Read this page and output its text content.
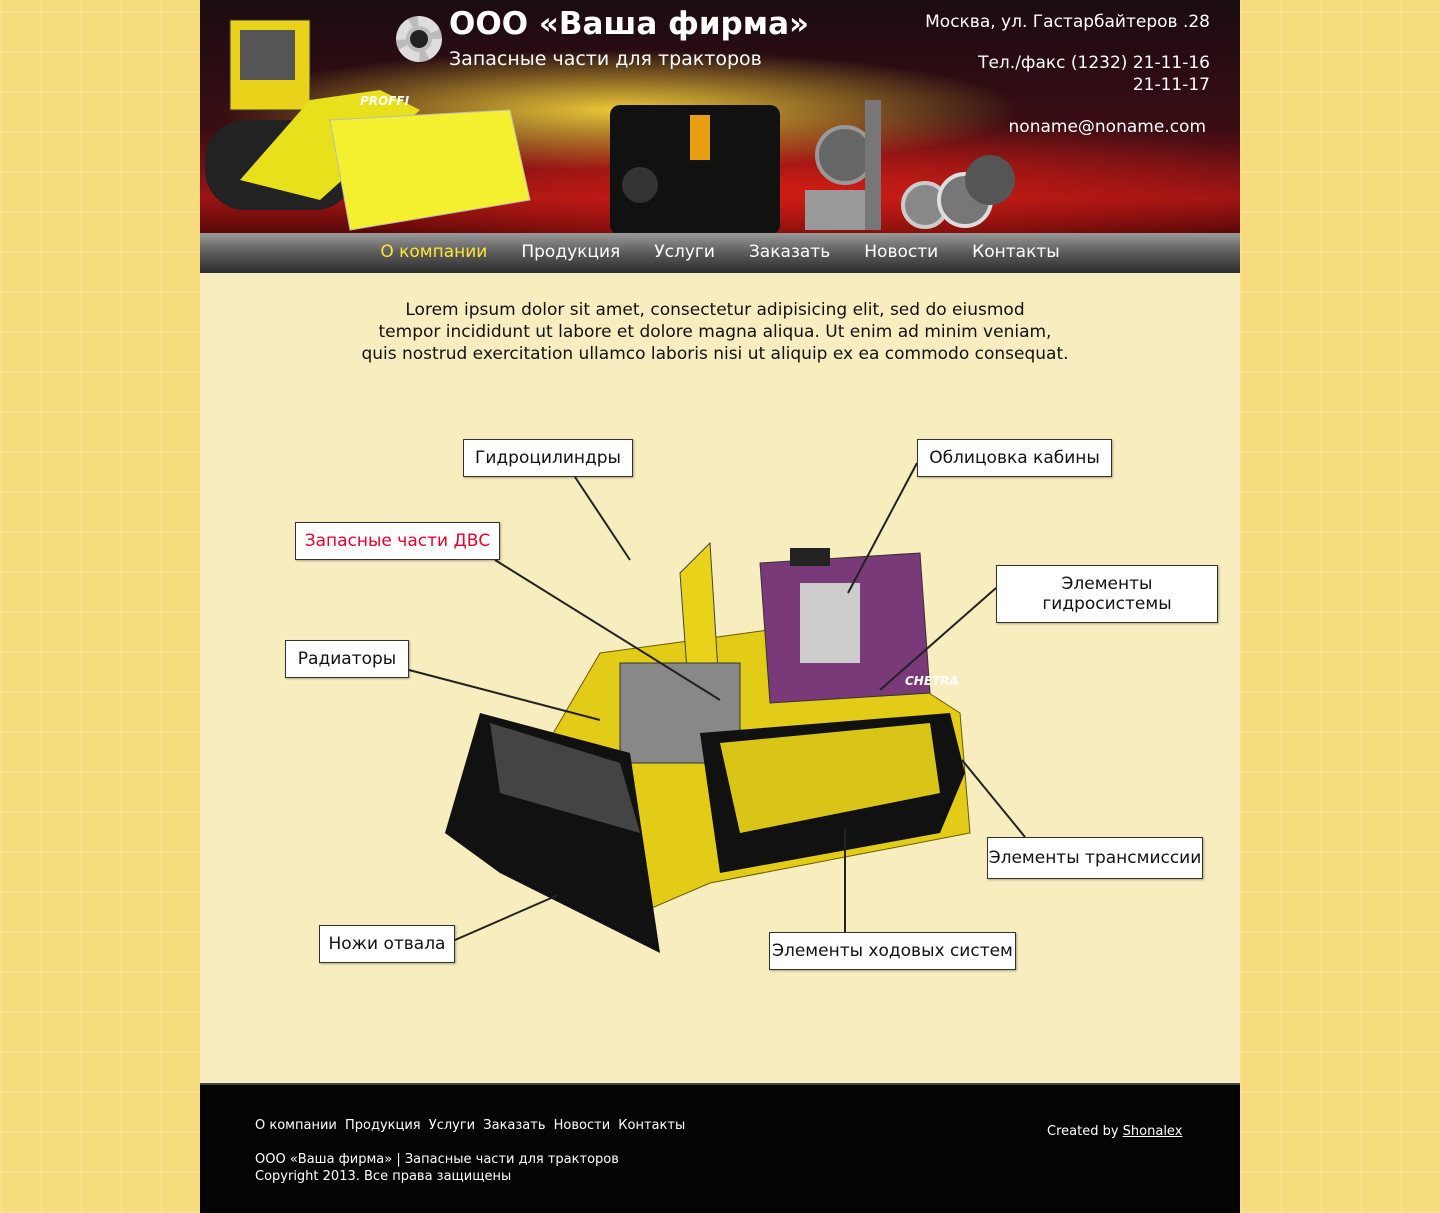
PROFFI
ООО «Ваша фирма»
Запасные части для тракторов
Москва, ул. Гастарбайтеров .28
Тел./факс (1232) 21-11-16
21-11-17
noname@noname.com
О компании	Продукция	Услуги	Заказать	Новости	Контакты
Lorem ipsum dolor sit amet, consectetur adipisicing elit, sed do eiusmod
tempor incididunt ut labore et dolore magna aliqua. Ut enim ad minim veniam,
quis nostrud exercitation ullamco laboris nisi ut aliquip ex ea commodo consequat.
CHETRA
Гидроцилиндры	Облицовка кабины
Запасные части ДВС
Элементы гидросистемы
Радиаторы
Элементы трансмиссии
Ножи отвала	Элементы ходовых систем
О компании Продукция Услуги Заказать Новости Контакты
ООО «Ваша фирма» | Запасные части для тракторов
Copyright 2013. Все права защищены
Created by Shonalex
